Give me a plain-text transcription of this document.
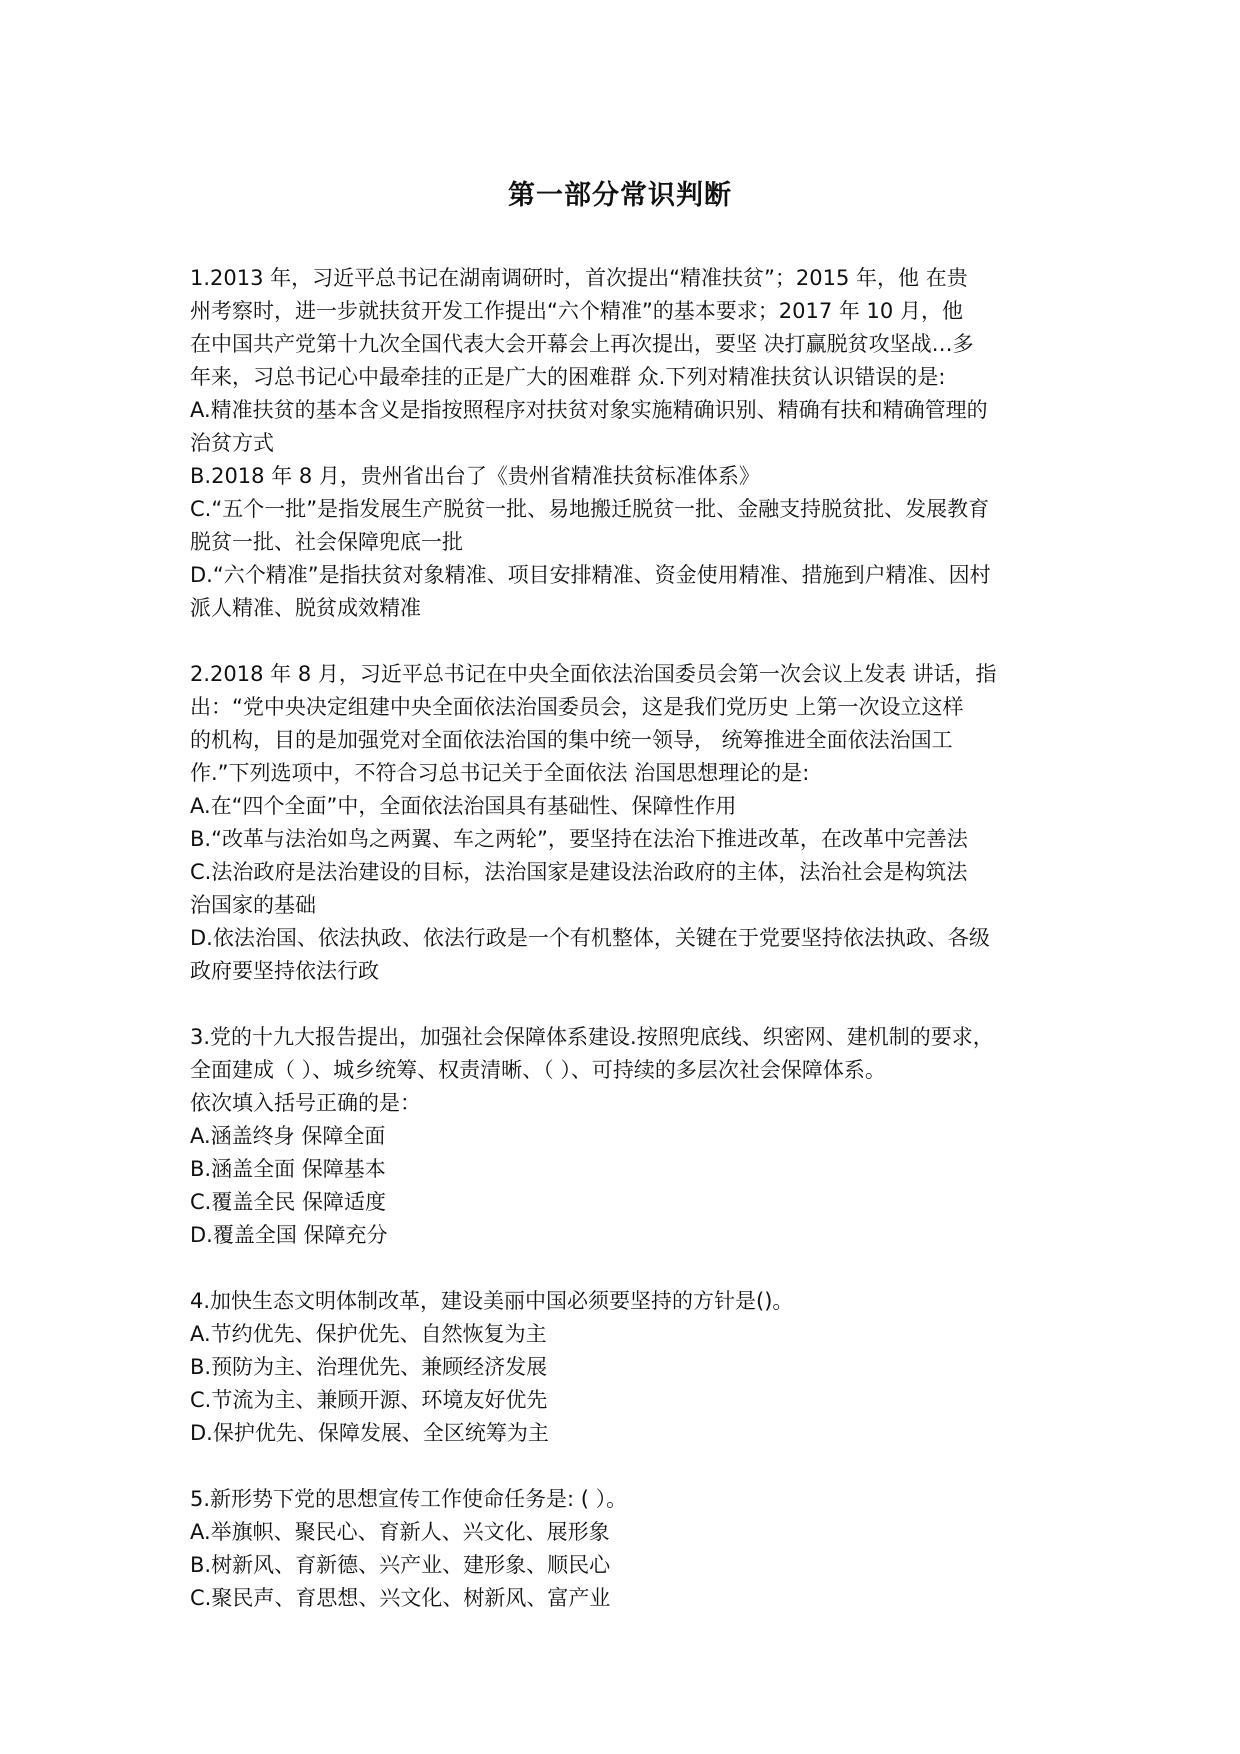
第一部分常识判断
1.2013 年，习近平总书记在湖南调研时，首次提出“精准扶贫”；2015 年，他 在贵
州考察时，进一步就扶贫开发工作提出“六个精准”的基本要求；2017 年 10 月，他
在中国共产党第十九次全国代表大会开幕会上再次提出，要坚 决打赢脱贫攻坚战…多
年来，习总书记心中最牵挂的正是广大的困难群 众.下列对精准扶贫认识错误的是:
A.精准扶贫的基本含义是指按照程序对扶贫对象实施精确识别、精确有扶和精确管理的
治贫方式
B.2018 年 8 月，贵州省出台了《贵州省精准扶贫标准体系》
C.“五个一批”是指发展生产脱贫一批、易地搬迁脱贫一批、金融支持脱贫批、发展教育
脱贫一批、社会保障兜底一批
D.“六个精准”是指扶贫对象精准、项目安排精准、资金使用精准、措施到户精准、因村
派人精准、脱贫成效精准
2.2018 年 8 月，习近平总书记在中央全面依法治国委员会第一次会议上发表 讲话，指
出：“党中央决定组建中央全面依法治国委员会，这是我们党历史 上第一次设立这样
的机构，目的是加强党对全面依法治国的集中统一领导， 统筹推进全面依法治国工
作.”下列选项中，不符合习总书记关于全面依法 治国思想理论的是:
A.在“四个全面”中，全面依法治国具有基础性、保障性作用
B.“改革与法治如鸟之两翼、车之两轮”，要坚持在法治下推进改革，在改革中完善法
C.法治政府是法治建设的目标，法治国家是建设法治政府的主体，法治社会是构筑法
治国家的基础
D.依法治国、依法执政、依法行政是一个有机整体，关键在于党要坚持依法执政、各级
政府要坚持依法行政
3.党的十九大报告提出，加强社会保障体系建设.按照兜底线、织密网、建机制的要求，
全面建成（ ）、城乡统筹、权责清晰、（ ）、可持续的多层次社会保障体系。
依次填入括号正确的是：
A.涵盖终身 保障全面
B.涵盖全面 保障基本
C.覆盖全民 保障适度
D.覆盖全国 保障充分
4.加快生态文明体制改革，建设美丽中国必须要坚持的方针是()。
A.节约优先、保护优先、自然恢复为主
B.预防为主、治理优先、兼顾经济发展
C.节流为主、兼顾开源、环境友好优先
D.保护优先、保障发展、全区统筹为主
5.新形势下党的思想宣传工作使命任务是: ( ）。
A.举旗帜、聚民心、育新人、兴文化、展形象
B.树新风、育新德、兴产业、建形象、顺民心
C.聚民声、育思想、兴文化、树新风、富产业
